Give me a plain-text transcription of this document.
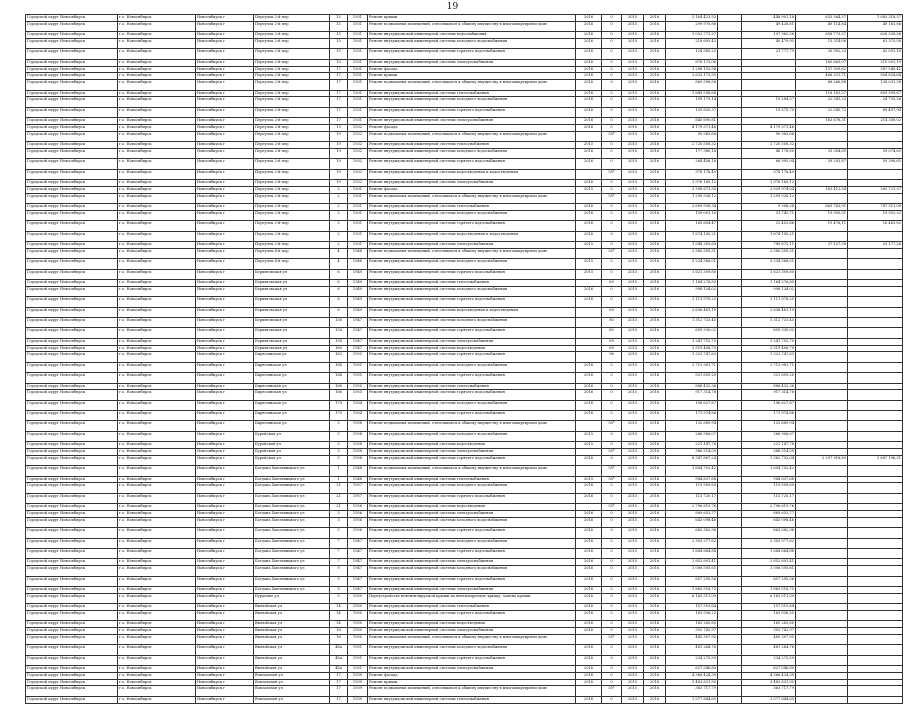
19
Городской округ Новосибирск	г.о. Новосибирск	Новосибирск г	Переулок 2-й пер	15	1931	Ремонт крыши	2016	0	2015	2016	2 164 423,52		448 901,18	633 564,37	1 082 318,37
Городской округ Новосибирск	г.о. Новосибирск	Новосибирск г	Переулок 2-й пер	15	1931	Ремонт подвальных помещений, относящихся к общему имуществу в многоквартирном доме	2016	0	2015	2016	299 970,86		49 428,61	49 114,84	49 163,86
Городской округ Новосибирск	г.о. Новосибирск	Новосибирск г	Переулок 2-й пер	15	1931	Ремонт внутридомовой инженерной системы водоснабжения	2016	0	2015	2016	1 052 771,27		157 965,56	658 773,57	628 538,96
Городской округ Новосибирск	г.о. Новосибирск	Новосибирск г	Переулок 2-й пер	15	1931	Ремонт внутридомовой инженерной системы холодного водоснабжения	2016	0	2015	2016	218 693,42		40 479,93	15 314,08	62 375,58
Городской округ Новосибирск	г.о. Новосибирск	Новосибирск г	Переулок 2-й пер	15	1931	Ремонт внутридомовой инженерной системы горячего водоснабжения	2016	0	2015	2016	124 985,25		21 777,79	20 992,25	82 091,18
Городской округ Новосибирск	г.о. Новосибирск	Новосибирск г	Переулок 2-й пер	15	1931	Ремонт внутридомовой инженерной системы электроснабжения	2016	0	2015	2016	876 173,06			160 863,07	210 001,19
Городской округ Новосибирск	г.о. Новосибирск	Новосибирск г	Переулок 2-й пер	17	1931	Ремонт фасада	2016	0	2015	2016	1 298 153,98			137 929,62	387 540,41
Городской округ Новосибирск	г.о. Новосибирск	Новосибирск г	Переулок 2-й пер	17	1931	Ремонт крыши	2016	0	2015	2016	2 633 173,55			466 251,71	904 624,64
Городской округ Новосибирск	г.о. Новосибирск	Новосибирск г	Переулок 2-й пер	17	1931	Ремонт подвальных помещений, относящихся к общему имуществу в многоквартирном доме	2016	0	2015	2016	869 598,58			68 266,88	138 031,36
Городской округ Новосибирск	г.о. Новосибирск	Новосибирск г	Переулок 2-й пер	17	1931	Ремонт внутридомовой инженерной системы теплоснабжения	2016	0	2015	2016	1 649 596,68			118 161,37	609 599,67
Городской округ Новосибирск	г.о. Новосибирск	Новосибирск г	Переулок 2-й пер	17	1931	Ремонт внутридомовой инженерной системы холодного водоснабжения	2016	0	2015	2016	199 179,14		19 284,57	22 541,25	24 735,56
Городской округ Новосибирск	г.о. Новосибирск	Новосибирск г	Переулок 2-й пер	17	1931	Ремонт внутридомовой инженерной системы горячего водоснабжения	2016	0	2015	2016	139 820,37		19 575,70	22 045,72	89 497,94
Городской округ Новосибирск	г.о. Новосибирск	Новосибирск г	Переулок 2-й пер	17	1931	Ремонт внутридомовой инженерной системы электроснабжения	2016	0	2015	2016	845 690,81			163 678,31	214 358,02
Городской округ Новосибирск	г.о. Новосибирск	Новосибирск г	Переулок 2-й пер	19	1932	Ремонт фасада	2016	0	2015	2016	4 179 371,46		4 179 371,46		
Городской округ Новосибирск	г.о. Новосибирск	Новосибирск г	Переулок 2-й пер	19	1932	Ремонт подвальных помещений, относящихся к общему имуществу в многоквартирном доме		55*	2015	2016	90 983,66		90 983,66		
Городской округ Новосибирск	г.о. Новосибирск	Новосибирск г	Переулок 2-й пер	19	1932	Ремонт внутридомовой инженерной системы теплоснабжения	2015	0	2015	2016	2 720 508,32		2 720 508,32		
Городской округ Новосибирск	г.о. Новосибирск	Новосибирск г	Переулок 2-й пер	19	1932	Ремонт внутридомовой инженерной системы холодного водоснабжения	2016	0	2015	2016	177 380,18		46 178,60	33 304,69	39 074,65
Городской округ Новосибирск	г.о. Новосибирск	Новосибирск г	Переулок 2-й пер	19	1932	Ремонт внутридомовой инженерной системы горячего водоснабжения	2016	0	2015	2016	264 456,18		66 995,94	59 293,87	59 398,65
Городской округ Новосибирск	г.о. Новосибирск	Новосибирск г	Переулок 2-й пер	19	1932	Ремонт внутридомовой инженерной системы водоотведения и водоотведения		55*	2015	2016	378 176,49		378 176,49		
Городской округ Новосибирск	г.о. Новосибирск	Новосибирск г	Переулок 2-й пер	19	1932	Ремонт внутридомовой инженерной системы электроснабжения	2016	0	2015	2016	1 976 160,12		1 976 160,12		
Городской округ Новосибирск	г.о. Новосибирск	Новосибирск г	Переулок 2-й пер	2	1931	Ремонт фасада	2015	0	2015	2016	3 398 871,35		2 029 974,04	161 412,54	285 721,37
Городской округ Новосибирск	г.о. Новосибирск	Новосибирск г	Переулок 2-й пер	2	1931	Ремонт подвальных помещений, относящихся к общему имуществу в многоквартирном доме		55*	2015	2016	1 299 926,12		1 299 926,12		
Городской округ Новосибирск	г.о. Новосибирск	Новосибирск г	Переулок 2-й пер	2	1931	Ремонт внутридомовой инженерной системы теплоснабжения	2016	0	2015	2016	2 609 938,34		9 508,28	863 763,01	747 311,08
Городской округ Новосибирск	г.о. Новосибирск	Новосибирск г	Переулок 2-й пер	2	1931	Ремонт внутридомовой инженерной системы холодного водоснабжения	2016	0	2015	2016	139 001,16		31 745,71	19 995,01	19 952,32
Городской округ Новосибирск	г.о. Новосибирск	Новосибирск г	Переулок 2-й пер	2	1931	Ремонт внутридомовой инженерной системы горячего водоснабжения	2016	0	2015	2016	165 604,47		22 452,66	19 476,11	16 463,82
Городской округ Новосибирск	г.о. Новосибирск	Новосибирск г	Переулок 2-й пер	2	1931	Ремонт внутридомовой инженерной системы водоотведения и водоотведения	2016	0	2015	2016	1 674 195,21		1 674 195,21		
Городской округ Новосибирск	г.о. Новосибирск	Новосибирск г	Переулок 2-й пер	2	1931	Ремонт внутридомовой инженерной системы электроснабжения	2015	0	2015	2016	1 548 263,69		749 875,11	37 137,58	25 177,26
Городской округ Новосибирск	г.о. Новосибирск	Новосибирск г	Переулок 4-й пер	4	1948	Ремонт подвальных помещений, относящихся к общему имуществу в многоквартирном доме		55*	2015	2016	2 580 509,31		2 580 509,31		
Городской округ Новосибирск	г.о. Новосибирск	Новосибирск г	Переулок 4-й пер	4	1948	Ремонт внутридомовой инженерной системы холодного водоснабжения	2015	0	2015	2016	3 234 566,01		3 234 566,01		
Городской округ Новосибирск	г.о. Новосибирск	Новосибирск г	Беринговская ул	6	1949	Ремонт внутридомовой инженерной системы горячего водоснабжения	2015	0	2015	2016	1 621 309,80		1 621 309,80		
Городской округ Новосибирск	г.о. Новосибирск	Новосибирск г	Беринговская ул	6	1949	Ремонт внутридомовой инженерной системы теплоснабжения		69	2015	2016	1 164 276,85		1 164 276,85		
Городской округ Новосибирск	г.о. Новосибирск	Новосибирск г	Беринговская ул	6	1949	Ремонт внутридомовой инженерной системы холодного водоснабжения	2016	0	2015	2016	998 134,02		998 134,02		
Городской округ Новосибирск	г.о. Новосибирск	Новосибирск г	Беринговская ул	6	1949	Ремонт внутридомовой инженерной системы горячего водоснабжения	2016	0	2015	2016	1 111 978,25		1 111 978,25		
Городской округ Новосибирск	г.о. Новосибирск	Новосибирск г	Беринговская ул	6	1949	Ремонт внутридомовой инженерной системы водоотведения и водоотведения		69	2015	2016	2 636 461,19		2 636 461,19		
Городской округ Новосибирск	г.о. Новосибирск	Новосибирск г	Беринговская ул	156	1947	Ремонт внутридомовой инженерной системы холодного водоснабжения		80	2015	2016	1 312 733,45		1 312 733,45		
Городской округ Новосибирск	г.о. Новосибирск	Новосибирск г	Беринговская ул	156	1947	Ремонт внутридомовой инженерной системы горячего водоснабжения		80	2015	2016	659 330,02		659 330,02		
Городской округ Новосибирск	г.о. Новосибирск	Новосибирск г	Беринговская ул	158	1947	Ремонт внутридомовой инженерной системы электроснабжения		69	2015	2016	1 241 752,70		1 241 752,70		
Городской округ Новосибирск	г.о. Новосибирск	Новосибирск г	Беринговская ул	160	1947	Ремонт внутридомовой инженерной системы водоотведения		69	2015	2016	2 519 406,70		2 519 406,70		
Городской округ Новосибирск	г.о. Новосибирск	Новосибирск г	Бирюсинская ул	162	1955	Ремонт внутридомовой инженерной системы горячего водоснабжения		96	2015	2016	1 323 747,63		1 323 747,63		
Городской округ Новосибирск	г.о. Новосибирск	Новосибирск г	Бирюсинская ул	164	1955	Ремонт внутридомовой инженерной системы холодного водоснабжения	2016	0	2015	2016	2 713 981,71		2 713 981,71		
Городской округ Новосибирск	г.о. Новосибирск	Новосибирск г	Бирюсинская ул	164	1955	Ремонт внутридомовой инженерной системы горячего водоснабжения	2016	0	2015	2016	521 659,20		521 659,20		
Городской округ Новосибирск	г.о. Новосибирск	Новосибирск г	Бирюсинская ул	166	1955	Ремонт внутридомовой инженерной системы теплоснабжения	2016	0	2015	2016	886 432,36		886 432,36		
Городской округ Новосибирск	г.о. Новосибирск	Новосибирск г	Бирюсинская ул	166	1955	Ремонт внутридомовой инженерной системы горячего водоснабжения	2016	0	2015	2016	917 314,78		917 314,78		
Городской округ Новосибирск	г.о. Новосибирск	Новосибирск г	Бирюсинская ул	170	1954	Ремонт внутридомовой инженерной системы холодного водоснабжения	2016	0	2015	2016	196 627,87		196 627,87		
Городской округ Новосибирск	г.о. Новосибирск	Новосибирск г	Бирюсинская ул	170	1954	Ремонт внутридомовой инженерной системы горячего водоснабжения	2016	0	2015	2016	171 974,86		171 974,86		
Городской округ Новосибирск	г.о. Новосибирск	Новосибирск г	Бирюсинская ул	3	1958	Ремонт подвальных помещений, относящихся к общему имуществу в многоквартирном доме		55*	2015	2016	132 689,94		132 689,94		
Городской округ Новосибирск	г.о. Новосибирск	Новосибирск г	Бурейская ул	3	1958	Ремонт внутридомовой инженерной системы холодного водоснабжения	2015	0	2015	2016	266 906,07		266 906,07		
Городской округ Новосибирск	г.о. Новосибирск	Новосибирск г	Бурейская ул	3	1958	Ремонт внутридомовой инженерной системы водоотведения	2015	0	2015	2016	221 147,78		221 147,78		
Городской округ Новосибирск	г.о. Новосибирск	Новосибирск г	Бурейская ул	3	1958	Ремонт внутридомовой инженерной системы электроснабжения		55*	2015	2016	386 514,09		386 514,09		
Городской округ Новосибирск	г.о. Новосибирск	Новосибирск г	Бурейская ул	3	1958	Ремонт внутридомовой инженерной системы горячего водоснабжения	2016	0	2015	2016	6 347 867,24		1 362 752,04	2 297 918,89	2 687 196,31
Городской округ Новосибирск	г.о. Новосибирск	Новосибирск г	Богдана Хмельницкого ул	1	1948	Ремонт подвальных помещений, относящихся к общему имуществу в многоквартирном доме		55*	2015	2016	1 604 702,42		1 604 702,42		
Городской округ Новосибирск	г.о. Новосибирск	Новосибирск г	Богдана Хмельницкого ул	1	1948	Ремонт внутридомовой инженерной системы теплоснабжения	2015	55*	2015	2016	984 837,68		984 837,68		
Городской округ Новосибирск	г.о. Новосибирск	Новосибирск г	Богдана Хмельницкого ул	21	1957	Ремонт внутридомовой инженерной системы холодного водоснабжения	2016	0	2015	2016	119 509,69		119 509,69		
Городской округ Новосибирск	г.о. Новосибирск	Новосибирск г	Богдана Хмельницкого ул	21	1957	Ремонт внутридомовой инженерной системы горячего водоснабжения	2016	0	2015	2016	115 720,17		115 720,17		
Городской округ Новосибирск	г.о. Новосибирск	Новосибирск г	Богдана Хмельницкого ул	21	1956	Ремонт внутридомовой инженерной системы водоотведения		55*	2015	2016	2 796 619,76		2 796 619,76		
Городской округ Новосибирск	г.о. Новосибирск	Новосибирск г	Богдана Хмельницкого ул	3	1956	Ремонт внутридомовой инженерной системы электроснабжения	2016	0	2015	2016	869 653,77		869 653,77		
Городской округ Новосибирск	г.о. Новосибирск	Новосибирск г	Богдана Хмельницкого ул	3	1956	Ремонт внутридомовой инженерной системы холодного водоснабжения	2016	0	2015	2016	643 098,46		643 098,46		
Городской округ Новосибирск	г.о. Новосибирск	Новосибирск г	Богдана Хмельницкого ул	3	1956	Ремонт внутридомовой инженерной системы горячего водоснабжения	2016	0	2015	2016	663 382,96		663 382,96		
Городской округ Новосибирск	г.о. Новосибирск	Новосибирск г	Богдана Хмельницкого ул	7	1947	Ремонт внутридомовой инженерной системы холодного водоснабжения	2016	0	2015	2016	2 303 377,62		2 303 377,62		
Городской округ Новосибирск	г.о. Новосибирск	Новосибирск г	Богдана Хмельницкого ул	7	1947	Ремонт внутридомовой инженерной системы горячего водоснабжения	2016	0	2015	2016	1 684 664,88		1 684 664,88		
Городской округ Новосибирск	г.о. Новосибирск	Новосибирск г	Богдана Хмельницкого ул	7	1947	Ремонт внутридомовой инженерной системы электроснабжения	2016	0	2015	2016	2 852 891,41		2 852 891,41		
Городской округ Новосибирск	г.о. Новосибирск	Новосибирск г	Богдана Хмельницкого ул	9	1947	Ремонт внутридомовой инженерной системы холодного водоснабжения	2016	0	2015	2016	1 006 595,61		1 006 595,61		
Городской округ Новосибирск	г.о. Новосибирск	Новосибирск г	Богдана Хмельницкого ул	9	1947	Ремонт внутридомовой инженерной системы горячего водоснабжения	2016	0	2015	2016	657 295,56		657 295,56		
Городской округ Новосибирск	г.о. Новосибирск	Новосибирск г	Богдана Хмельницкого ул	9	1947	Ремонт внутридомовой инженерной системы электроснабжения	2016	0	2015	2016	1 863 518,75		1 863 518,75		
Городской округ Новосибирск	г.о. Новосибирск	Новосибирск г	Бурденко ул	5	1950	Переустройство невентилируемой крыши на вентилируемую крышу, замена крыши	2016	0	2015	2016	6 163 511,09		6 163 511,09		
Городской округ Новосибирск	г.о. Новосибирск	Новосибирск г	Вилюйская ул	14	1950	Ремонт внутридомовой инженерной системы теплоснабжения	2016	0	2015	2016	157 510,64		157 510,64		
Городской округ Новосибирск	г.о. Новосибирск	Новосибирск г	Вилюйская ул	14	1950	Ремонт внутридомовой инженерной системы горячего водоснабжения	2016	0	2015	2016	163 936,25		163 936,25		
Городской округ Новосибирск	г.о. Новосибирск	Новосибирск г	Вилюйская ул	14	1950	Ремонт внутридомовой инженерной системы водоотведения	2016	0	2015	2016	165 265,60		165 265,60		
Городской округ Новосибирск	г.о. Новосибирск	Новосибирск г	Вилюйская ул	16	1950	Ремонт внутридомовой инженерной системы электроснабжения	2016	0	2015	2016	392 742,97		392 742,97		
Городской округ Новосибирск	г.о. Новосибирск	Новосибирск г	Вилюйская ул	16	1950	Ремонт подвальных помещений, относящихся к общему имуществу в многоквартирном доме		55*	2015	2016	485 307,95		485 307,95		
Городской округ Новосибирск	г.о. Новосибирск	Новосибирск г	Вилюйская ул	48а	1951	Ремонт внутридомовой инженерной системы холодного водоснабжения	2016	0	2015	2016	481 264,76		481 264,76		
Городской округ Новосибирск	г.о. Новосибирск	Новосибирск г	Вилюйская ул	48а	1951	Ремонт внутридомовой инженерной системы горячего водоснабжения	2016	0	2015	2016	234 275,59		234 275,59		
Городской округ Новосибирск	г.о. Новосибирск	Новосибирск г	Вилюйская ул	48а	1951	Ремонт внутридомовой инженерной системы электроснабжения	2016	0	2015	2016	627 546,80		627 546,80		
Городской округ Новосибирск	г.о. Новосибирск	Новосибирск г	Вокзальная ул	17	1939	Ремонт фасада	2016	0	2015	2016	4 366 424,39		4 366 424,39		
Городской округ Новосибирск	г.о. Новосибирск	Новосибирск г	Вокзальная ул	17	1939	Ремонт крыши	2016	0	2015	2016	3 483 831,95		3 483 831,95		
Городской округ Новосибирск	г.о. Новосибирск	Новосибирск г	Вокзальная ул	17	1939	Ремонт подвальных помещений, относящихся к общему имуществу в многоквартирном доме		55*	2015	2016	363 717,79		363 717,79		
Городской округ Новосибирск	г.о. Новосибирск	Новосибирск г	Вокзальная ул	17	1939	Ремонт внутридомовой инженерной системы теплоснабжения	2016	0	2015	2016	1 577 844,65		1 577 844,65		
